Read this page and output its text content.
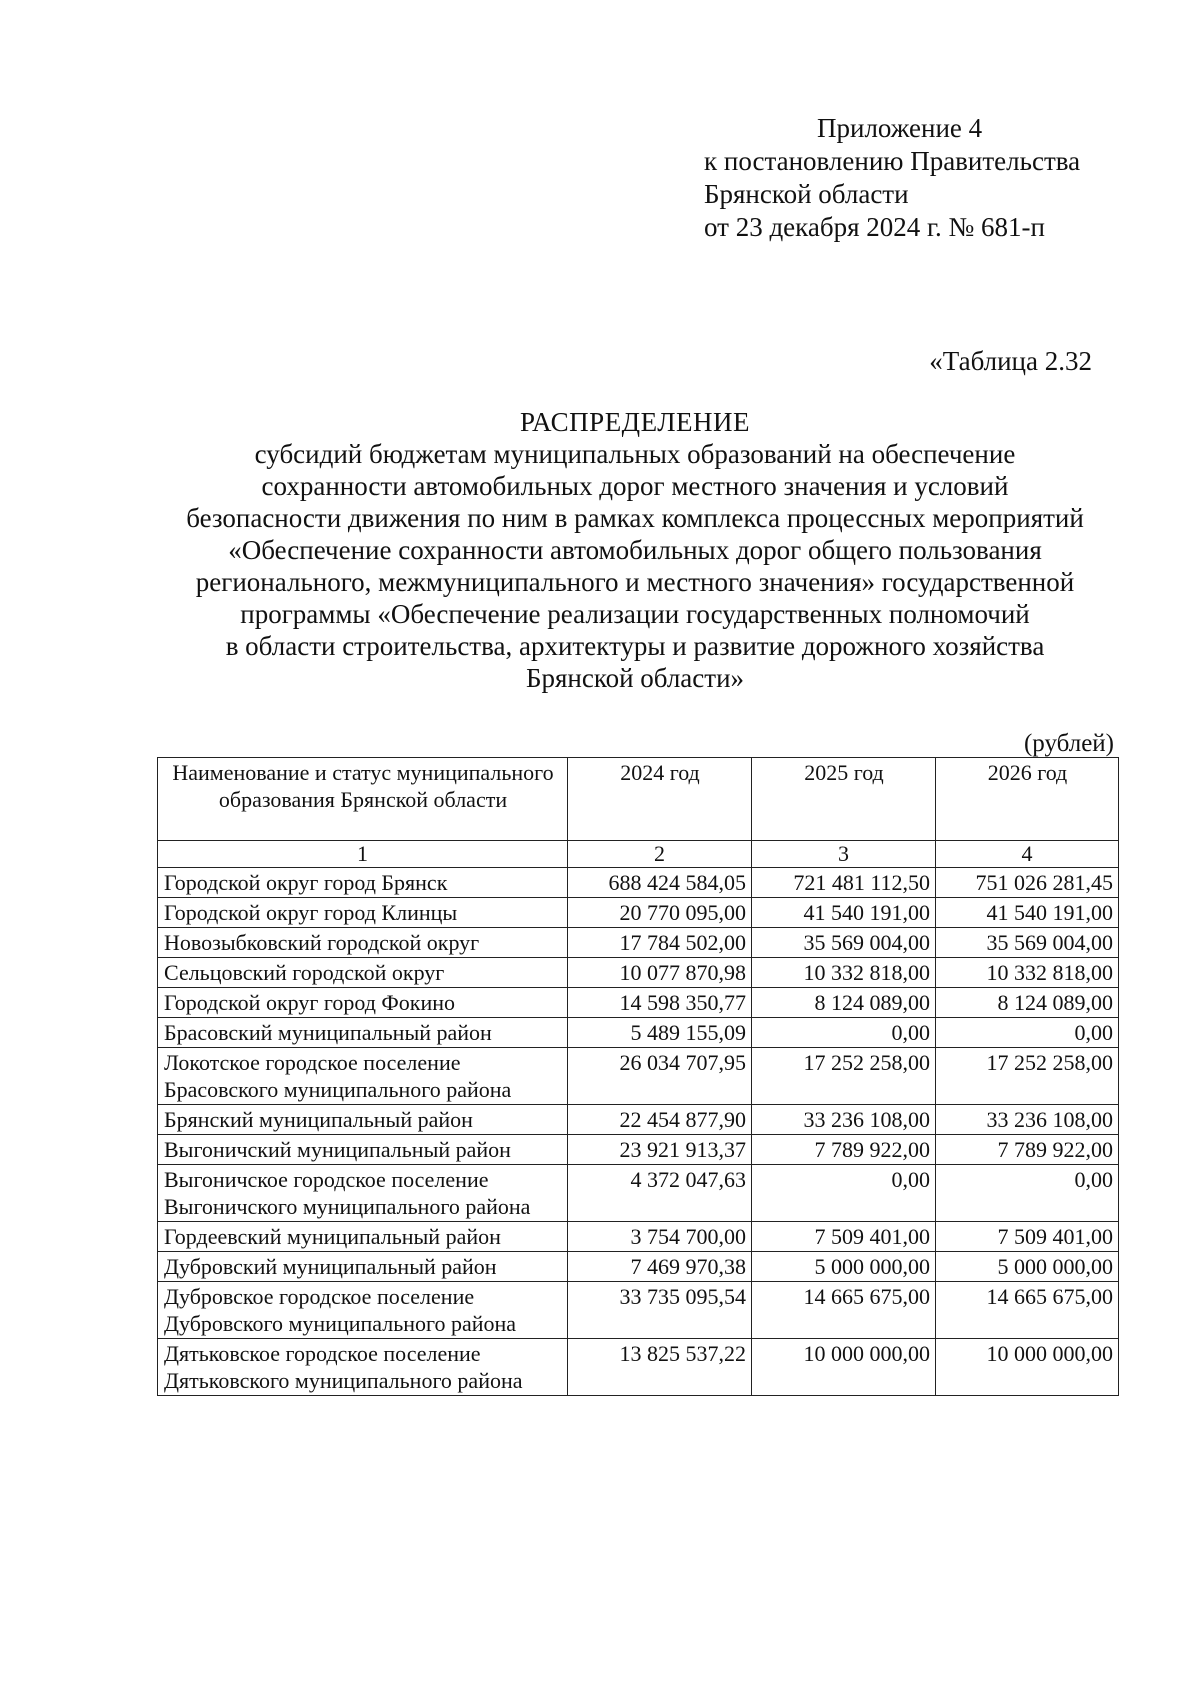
Приложение 4
к постановлению Правительства
Брянской области
от 23 декабря 2024 г. № 681-п
«Таблица 2.32
РАСПРЕДЕЛЕНИЕ
субсидий бюджетам муниципальных образований на обеспечение
сохранности автомобильных дорог местного значения и условий
безопасности движения по ним в рамках комплекса процессных мероприятий
«Обеспечение сохранности автомобильных дорог общего пользования
регионального, межмуниципального и местного значения» государственной
программы «Обеспечение реализации государственных полномочий
в области строительства, архитектуры и развитие дорожного хозяйства
Брянской области»
(рублей)
Наименование и статус муниципального образования Брянской области	2024 год	2025 год	2026 год
1	2	3	4
Городской округ город Брянск	688 424 584,05	721 481 112,50	751 026 281,45
Городской округ город Клинцы	20 770 095,00	41 540 191,00	41 540 191,00
Новозыбковский городской округ	17 784 502,00	35 569 004,00	35 569 004,00
Сельцовский городской округ	10 077 870,98	10 332 818,00	10 332 818,00
Городской округ город Фокино	14 598 350,77	8 124 089,00	8 124 089,00
Брасовский муниципальный район	5 489 155,09	0,00	0,00
Локотское городское поселение Брасовского муниципального района	26 034 707,95	17 252 258,00	17 252 258,00
Брянский муниципальный район	22 454 877,90	33 236 108,00	33 236 108,00
Выгоничский муниципальный район	23 921 913,37	7 789 922,00	7 789 922,00
Выгоничское городское поселение Выгоничского муниципального района	4 372 047,63	0,00	0,00
Гордеевский муниципальный район	3 754 700,00	7 509 401,00	7 509 401,00
Дубровский муниципальный район	7 469 970,38	5 000 000,00	5 000 000,00
Дубровское городское поселение Дубровского муниципального района	33 735 095,54	14 665 675,00	14 665 675,00
Дятьковское городское поселение Дятьковского муниципального района	13 825 537,22	10 000 000,00	10 000 000,00
